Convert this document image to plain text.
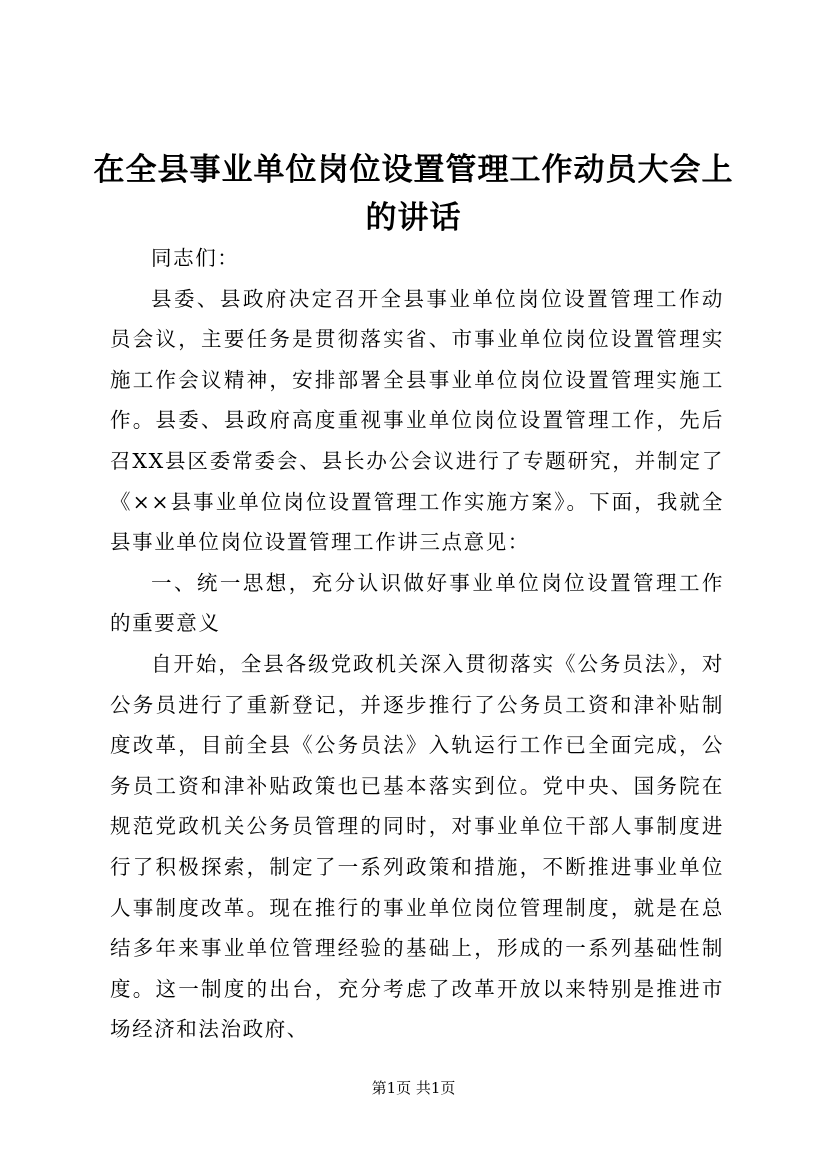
在全县事业单位岗位设置管理工作动员大会上
的讲话

同志们：

县委、县政府决定召开全县事业单位岗位设置管理工作动员会议，主要任务是贯彻落实省、市事业单位岗位设置管理实施工作会议精神，安排部署全县事业单位岗位设置管理实施工作。县委、县政府高度重视事业单位岗位设置管理工作，先后召XX县区委常委会、县长办公会议进行了专题研究，并制定了《××县事业单位岗位设置管理工作实施方案》。下面，我就全县事业单位岗位设置管理工作讲三点意见：

一、统一思想，充分认识做好事业单位岗位设置管理工作的重要意义

自开始，全县各级党政机关深入贯彻落实《公务员法》，对公务员进行了重新登记，并逐步推行了公务员工资和津补贴制度改革，目前全县《公务员法》入轨运行工作已全面完成，公务员工资和津补贴政策也已基本落实到位。党中央、国务院在规范党政机关公务员管理的同时，对事业单位干部人事制度进行了积极探索，制定了一系列政策和措施，不断推进事业单位人事制度改革。现在推行的事业单位岗位管理制度，就是在总结多年来事业单位管理经验的基础上，形成的一系列基础性制度。这一制度的出台，充分考虑了改革开放以来特别是推进市场经济和法治政府、

第1页 共1页
